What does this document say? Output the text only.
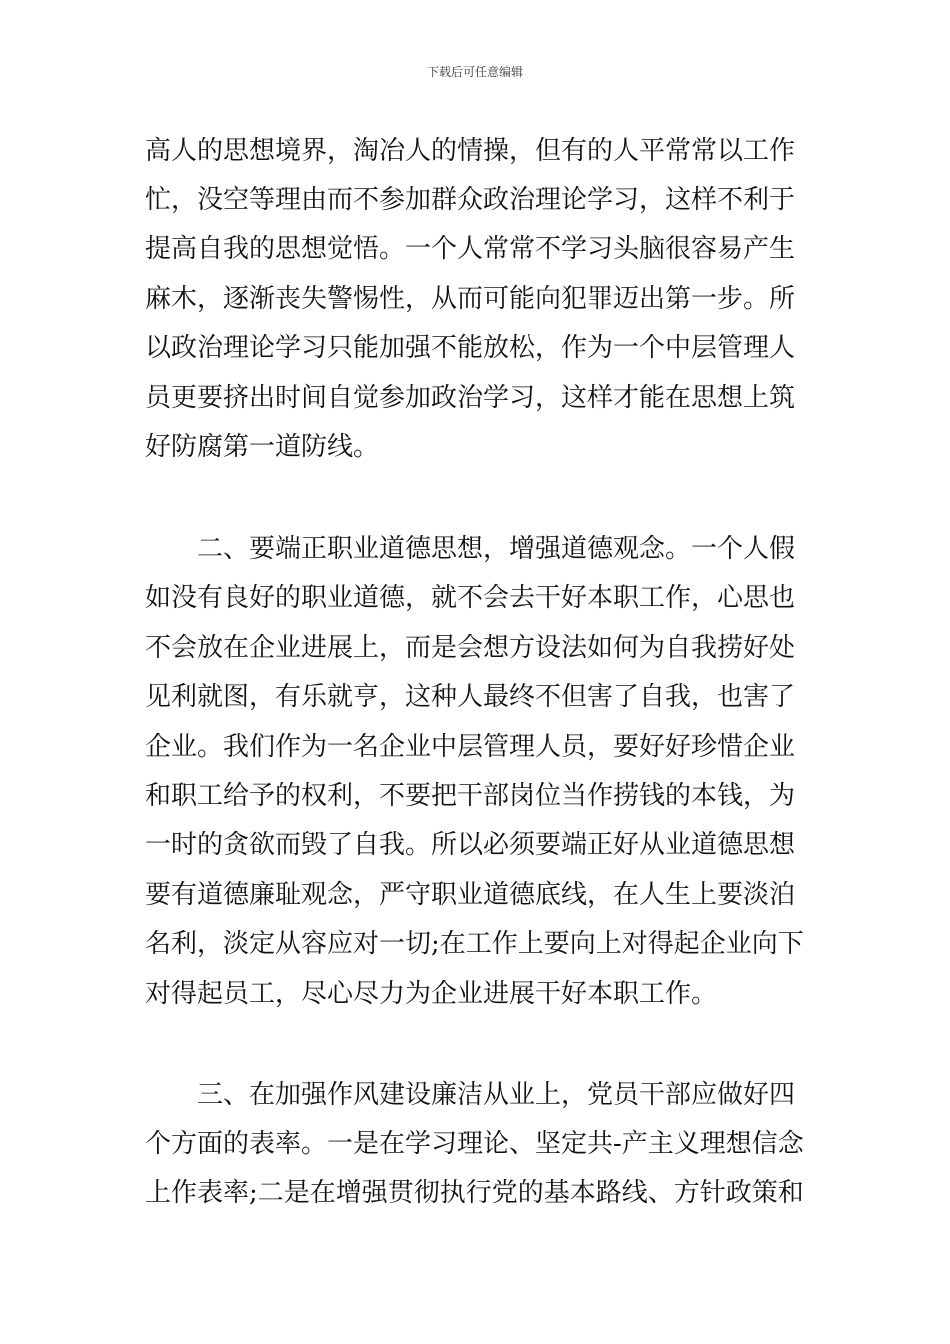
下载后可任意编辑
高人的思想境界，淘冶人的情操，但有的人平常常以工作
忙，没空等理由而不参加群众政治理论学习，这样不利于
提高自我的思想觉悟。一个人常常不学习头脑很容易产生
麻木，逐渐丧失警惕性，从而可能向犯罪迈出第一步。所
以政治理论学习只能加强不能放松，作为一个中层管理人
员更要挤出时间自觉参加政治学习，这样才能在思想上筑
好防腐第一道防线。
　　二、要端正职业道德思想，增强道德观念。一个人假
如没有良好的职业道德，就不会去干好本职工作，心思也
不会放在企业进展上，而是会想方设法如何为自我捞好处
见利就图，有乐就亨，这种人最终不但害了自我，也害了
企业。我们作为一名企业中层管理人员，要好好珍惜企业
和职工给予的权利，不要把干部岗位当作捞钱的本钱，为
一时的贪欲而毁了自我。所以必须要端正好从业道德思想
要有道德廉耻观念，严守职业道德底线，在人生上要淡泊
名利，淡定从容应对一切;在工作上要向上对得起企业向下
对得起员工，尽心尽力为企业进展干好本职工作。
　　三、在加强作风建设廉洁从业上，党员干部应做好四
个方面的表率。一是在学习理论、坚定共-产主义理想信念
上作表率;二是在增强贯彻执行党的基本路线、方针政策和
